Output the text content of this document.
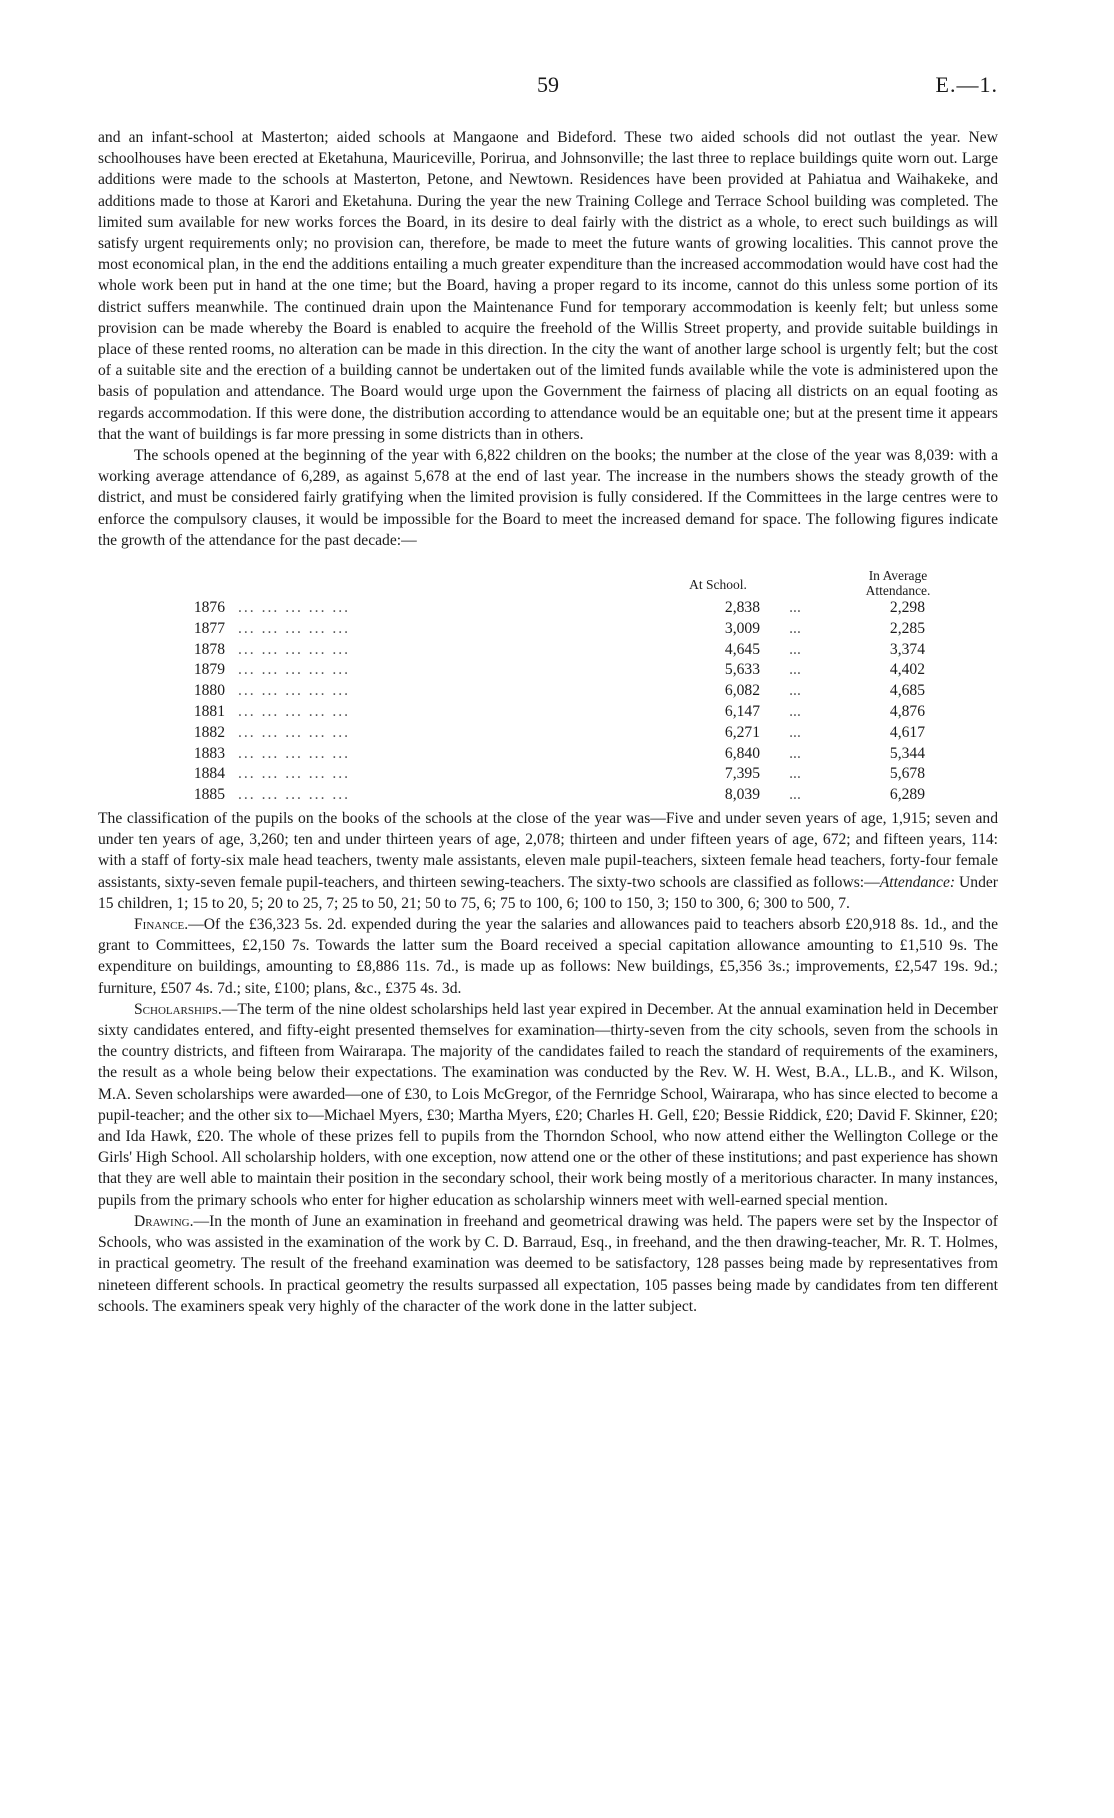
59	E.—1.

and an infant-school at Masterton; aided schools at Mangaone and Bideford. These two aided schools did not outlast the year. New schoolhouses have been erected at Eketahuna, Mauriceville, Porirua, and Johnsonville; the last three to replace buildings quite worn out. Large additions were made to the schools at Masterton, Petone, and Newtown. Residences have been provided at Pahiatua and Waihakeke, and additions made to those at Karori and Eketahuna. During the year the new Training College and Terrace School building was completed. The limited sum available for new works forces the Board, in its desire to deal fairly with the district as a whole, to erect such buildings as will satisfy urgent requirements only; no provision can, therefore, be made to meet the future wants of growing localities. This cannot prove the most economical plan, in the end the additions entailing a much greater expenditure than the increased accommodation would have cost had the whole work been put in hand at the one time; but the Board, having a proper regard to its income, cannot do this unless some portion of its district suffers meanwhile. The continued drain upon the Maintenance Fund for temporary accommodation is keenly felt; but unless some provision can be made whereby the Board is enabled to acquire the freehold of the Willis Street property, and provide suitable buildings in place of these rented rooms, no alteration can be made in this direction. In the city the want of another large school is urgently felt; but the cost of a suitable site and the erection of a building cannot be undertaken out of the limited funds available while the vote is administered upon the basis of population and attendance. The Board would urge upon the Government the fairness of placing all districts on an equal footing as regards accommodation. If this were done, the distribution according to attendance would be an equitable one; but at the present time it appears that the want of buildings is far more pressing in some districts than in others.

The schools opened at the beginning of the year with 6,822 children on the books; the number at the close of the year was 8,039: with a working average attendance of 6,289, as against 5,678 at the end of last year. The increase in the numbers shows the steady growth of the district, and must be considered fairly gratifying when the limited provision is fully considered. If the Committees in the large centres were to enforce the compulsory clauses, it would be impossible for the Board to meet the increased demand for space. The following figures indicate the growth of the attendance for the past decade:—

At School.
In Average
Attendance.
1876 ... ... ... ... ...	2,838	...	2,298
1877 ... ... ... ... ...	3,009	...	2,285
1878 ... ... ... ... ...	4,645	...	3,374
1879 ... ... ... ... ...	5,633	...	4,402
1880 ... ... ... ... ...	6,082	...	4,685
1881 ... ... ... ... ...	6,147	...	4,876
1882 ... ... ... ... ...	6,271	...	4,617
1883 ... ... ... ... ...	6,840	...	5,344
1884 ... ... ... ... ...	7,395	...	5,678
1885 ... ... ... ... ...	8,039	...	6,289

The classification of the pupils on the books of the schools at the close of the year was—Five and under seven years of age, 1,915; seven and under ten years of age, 3,260; ten and under thirteen years of age, 2,078; thirteen and under fifteen years of age, 672; and fifteen years, 114: with a staff of forty-six male head teachers, twenty male assistants, eleven male pupil-teachers, sixteen female head teachers, forty-four female assistants, sixty-seven female pupil-teachers, and thirteen sewing-teachers. The sixty-two schools are classified as follows:—Attendance: Under 15 children, 1; 15 to 20, 5; 20 to 25, 7; 25 to 50, 21; 50 to 75, 6; 75 to 100, 6; 100 to 150, 3; 150 to 300, 6; 300 to 500, 7.

Finance.—Of the £36,323 5s. 2d. expended during the year the salaries and allowances paid to teachers absorb £20,918 8s. 1d., and the grant to Committees, £2,150 7s. Towards the latter sum the Board received a special capitation allowance amounting to £1,510 9s. The expenditure on buildings, amounting to £8,886 11s. 7d., is made up as follows: New buildings, £5,356 3s.; improvements, £2,547 19s. 9d.; furniture, £507 4s. 7d.; site, £100; plans, &c., £375 4s. 3d.

Scholarships.—The term of the nine oldest scholarships held last year expired in December. At the annual examination held in December sixty candidates entered, and fifty-eight presented themselves for examination—thirty-seven from the city schools, seven from the schools in the country districts, and fifteen from Wairarapa. The majority of the candidates failed to reach the standard of requirements of the examiners, the result as a whole being below their expectations. The examination was conducted by the Rev. W. H. West, B.A., LL.B., and K. Wilson, M.A. Seven scholarships were awarded—one of £30, to Lois McGregor, of the Fernridge School, Wairarapa, who has since elected to become a pupil-teacher; and the other six to—Michael Myers, £30; Martha Myers, £20; Charles H. Gell, £20; Bessie Riddick, £20; David F. Skinner, £20; and Ida Hawk, £20. The whole of these prizes fell to pupils from the Thorndon School, who now attend either the Wellington College or the Girls' High School. All scholarship holders, with one exception, now attend one or the other of these institutions; and past experience has shown that they are well able to maintain their position in the secondary school, their work being mostly of a meritorious character. In many instances, pupils from the primary schools who enter for higher education as scholarship winners meet with well-earned special mention.

Drawing.—In the month of June an examination in freehand and geometrical drawing was held. The papers were set by the Inspector of Schools, who was assisted in the examination of the work by C. D. Barraud, Esq., in freehand, and the then drawing-teacher, Mr. R. T. Holmes, in practical geometry. The result of the freehand examination was deemed to be satisfactory, 128 passes being made by representatives from nineteen different schools. In practical geometry the results surpassed all expectation, 105 passes being made by candidates from ten different schools. The examiners speak very highly of the character of the work done in the latter subject.
